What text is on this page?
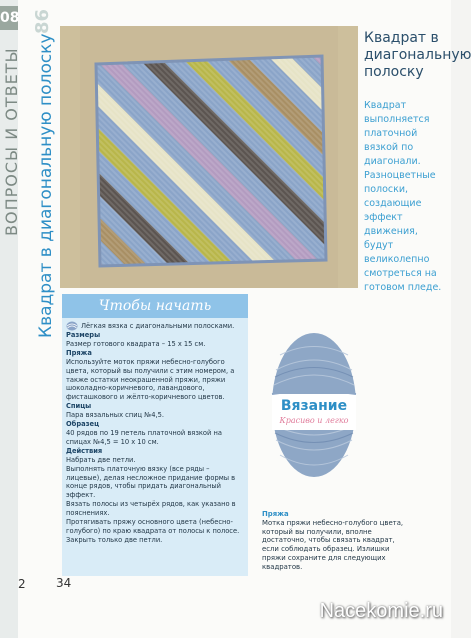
08
ВОПРОСЫ И ОТВЕТЫ
86
Квадрат в диагональную полоску	Квадрат в диагональную полоску
Квадрат выполняется платочной вязкой по диагонали. Разноцветные полоски, создающие эффект движения, будут великолепно смотреться на готовом пледе.
Чтобы начать
Лёгкая вязка с диагональными полосками.
Размеры
Размер готового квадрата – 15 х 15 см.
Пряжа
Используйте моток пряжи небесно-голубого цвета, который вы получили с этим номером, а также остатки неокрашенной пряжи, пряжи шоколадно-коричневого, лавандового, фисташкового и жёлто-коричневого цветов.
Спицы
Пара вязальных спиц №4,5.
Образец
40 рядов по 19 петель платочной вязкой на спицах №4,5 = 10 х 10 см.
Действия
Набрать две петли.
Выполнять платочную вязку (все ряды – лицевые), делая несложное придание формы в конце рядов, чтобы придать диагональный эффект.
Вязать полосы из четырёх рядов, как указано в пояснениях.
Протягивать пряжу основного цвета (небесно-голубого) по краю квадрата от полосы к полосе.
Закрыть только две петли.
Вязание
Красиво и легко
Пряжа
Мотка пряжи небесно-голубого цвета, который вы получили, вполне достаточно, чтобы связать квадрат, если соблюдать образец. Излишки пряжи сохраните для следующих квадратов.
2	34
Nacekomie.ru
